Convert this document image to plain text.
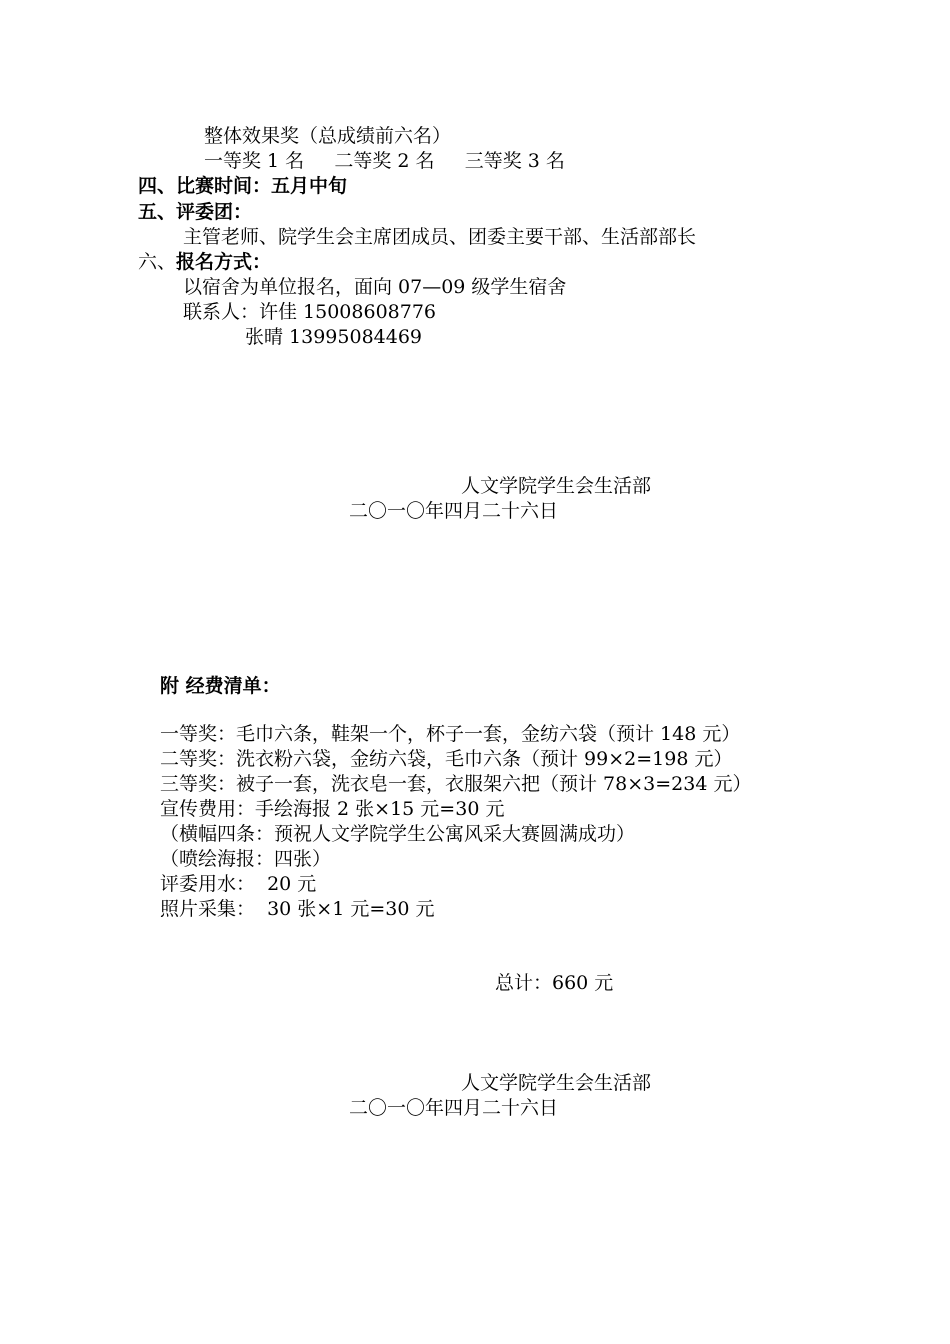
整体效果奖（总成绩前六名）
一等奖 1 名     二等奖 2 名     三等奖 3 名
四、比赛时间：五月中旬
五、评委团：
主管老师、院学生会主席团成员、团委主要干部、生活部部长
六、报名方式：
以宿舍为单位报名，面向 07—09 级学生宿舍
联系人：许佳 15008608776
张晴 13995084469
人文学院学生会生活部
二〇一〇年四月二十六日
附 经费清单：
一等奖：毛巾六条，鞋架一个，杯子一套，金纺六袋（预计 148 元）
二等奖：洗衣粉六袋，金纺六袋，毛巾六条（预计 99×2=198 元）
三等奖：被子一套，洗衣皂一套，衣服架六把（预计 78×3=234 元）
宣传费用：手绘海报 2 张×15 元=30 元
（横幅四条：预祝人文学院学生公寓风采大赛圆满成功）
（喷绘海报：四张）
评委用水：  20 元
照片采集：  30 张×1 元=30 元
总计：660 元
人文学院学生会生活部
二〇一〇年四月二十六日
